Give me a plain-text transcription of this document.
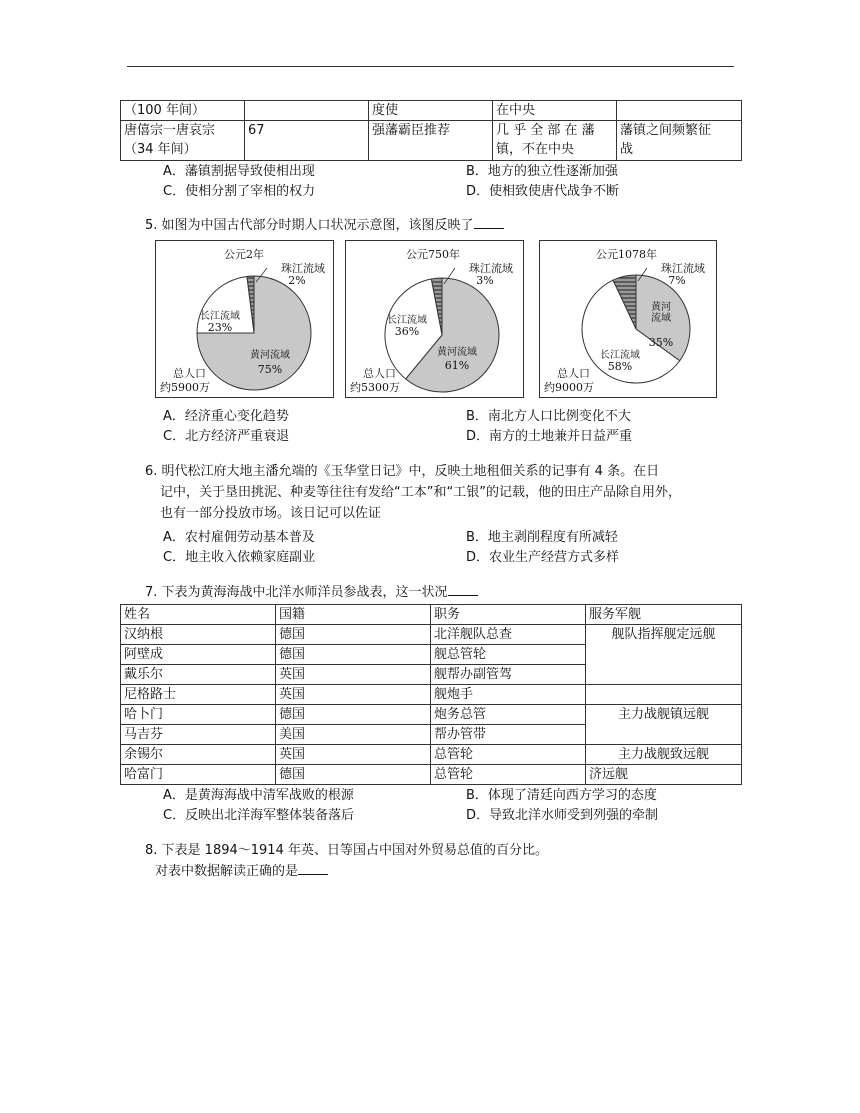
（100 年间）		度使	在中央	
唐僖宗一唐哀宗
（34 年间）	67	强藩霸臣推荐	几 乎 全 部 在 藩
镇，不在中央	藩镇之间频繁征
战
A．藩镇割据导致使相出现	B．地方的独立性逐渐加强
C．使相分割了宰相的权力	D．使相致使唐代战争不断
5. 如图为中国古代部分时期人口状况示意图，该图反映了
公元2年
珠江流域
2%
长江流域
23%
黄河流域
75%
总人口
约5900万
公元750年
珠江流域
3%
长江流域
36%
黄河流域
61%
总人口
约5300万
公元1078年
珠江流域
7%
黄河流域
35%
长江流域
58%
总人口
约9000万
A．经济重心变化趋势	B．南北方人口比例变化不大
C．北方经济严重衰退	D．南方的土地兼并日益严重
6. 明代松江府大地主潘允端的《玉华堂日记》中，反映土地租佃关系的记事有 4 条。在日
记中，关于垦田挑泥、种麦等往往有发给“工本”和“工银”的记载，他的田庄产品除自用外，
也有一部分投放市场。该日记可以佐证
A．农村雇佣劳动基本普及	B．地主剥削程度有所减轻
C．地主收入依赖家庭副业	D．农业生产经营方式多样
7. 下表为黄海海战中北洋水师洋员参战表，这一状况
姓名	国籍	职务	服务军舰
汉纳根	德国	北洋舰队总查	舰队指挥舰定远舰
阿壁成	德国	舰总管轮	
戴乐尔	英国	舰帮办副管驾	
尼格路士	英国	舰炮手	
哈卜门	德国	炮务总管	主力战舰镇远舰
马吉芬	美国	帮办管带	
余锡尔	英国	总管轮	主力战舰致远舰
哈富门	德国	总管轮	济远舰
A．是黄海海战中清军战败的根源	B．体现了清廷向西方学习的态度
C．反映出北洋海军整体装备落后	D．导致北洋水师受到列强的牵制
8. 下表是 1894～1914 年英、日等国占中国对外贸易总值的百分比。
对表中数据解读正确的是
